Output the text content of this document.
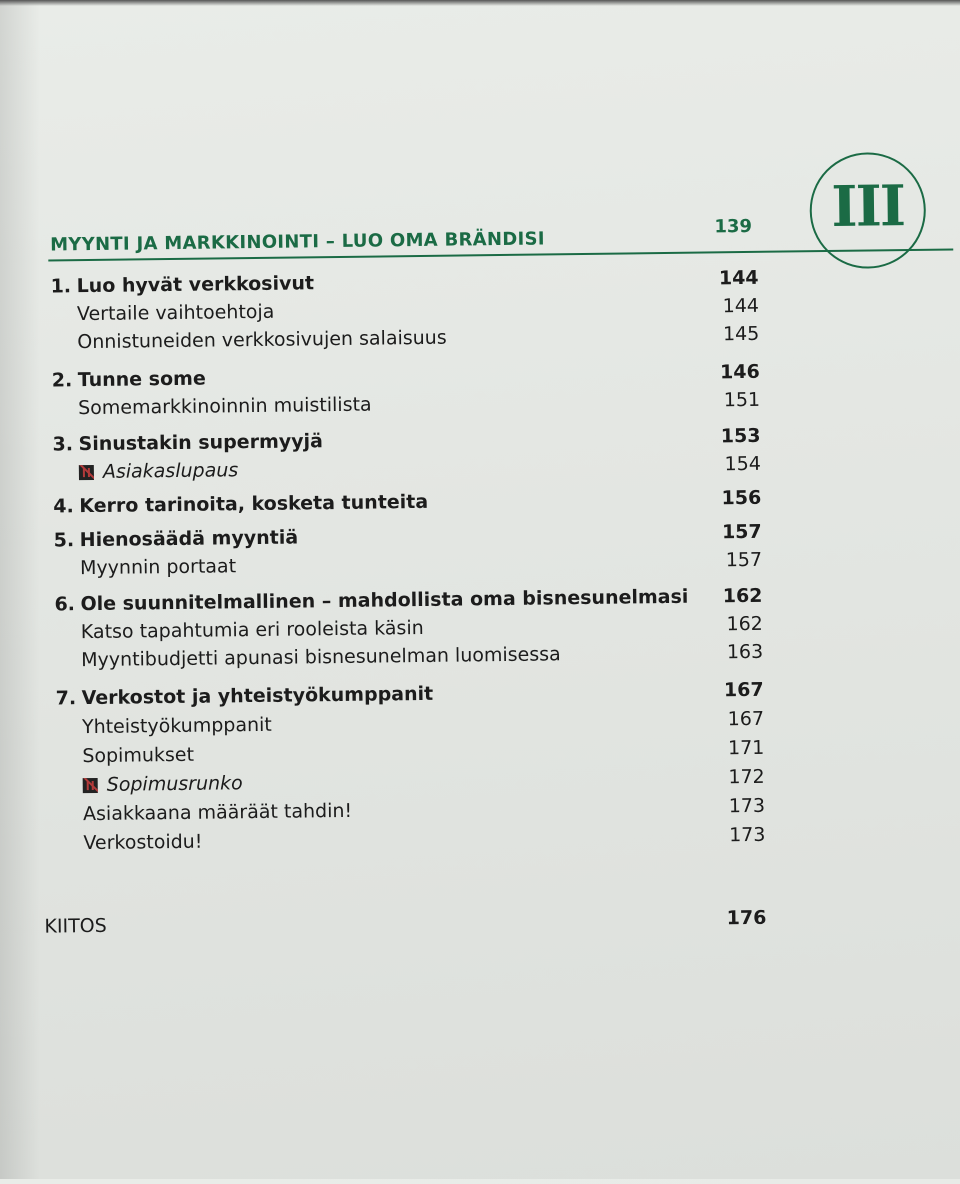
III
MYYNTI JA MARKKINOINTI – LUO OMA BRÄNDISI
139
1. Luo hyvät verkkosivut	144
Vertaile vaihtoehtoja	144
Onnistuneiden verkkosivujen salaisuus	145
2. Tunne some	146
Somemarkkinoinnin muistilista	151
3. Sinustakin supermyyjä	153
Asiakaslupaus	154
4. Kerro tarinoita, kosketa tunteita	156
5. Hienosäädä myyntiä	157
Myynnin portaat	157
6. Ole suunnitelmallinen – mahdollista oma bisnesunelmasi 162
Katso tapahtumia eri rooleista käsin	162
Myyntibudjetti apunasi bisnesunelman luomisessa	163
7. Verkostot ja yhteistyökumppanit	167
Yhteistyökumppanit	167
Sopimukset	171
Sopimusrunko	172
Asiakkaana määräät tahdin!	173
Verkostoidu!	173
KIITOS	176
